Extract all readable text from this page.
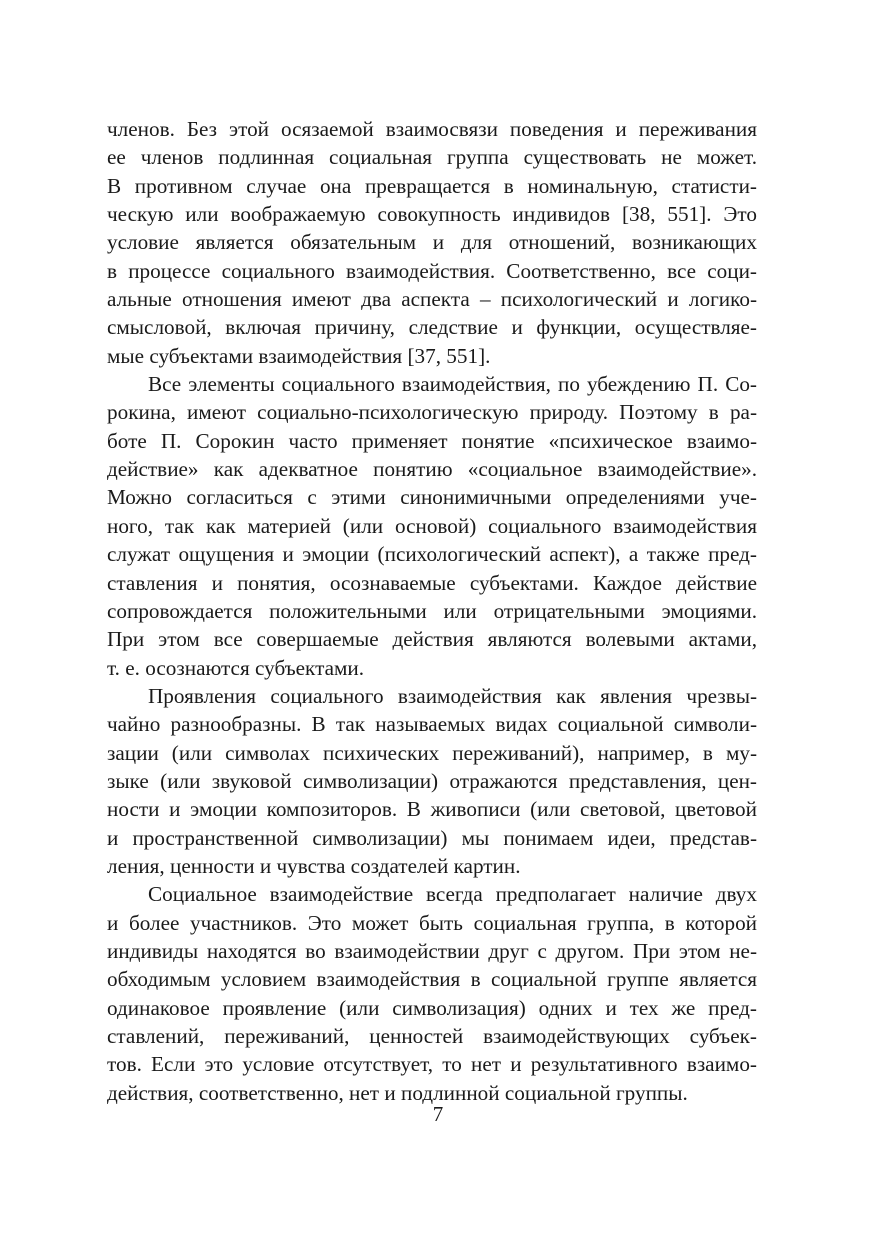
членов. Без этой осязаемой взаимосвязи поведения и переживания
ее членов подлинная социальная группа существовать не может.
В противном случае она превращается в номинальную, статисти-
ческую или воображаемую совокупность индивидов [38, 551]. Это
условие является обязательным и для отношений, возникающих
в процессе социального взаимодействия. Соответственно, все соци-
альные отношения имеют два аспекта – психологический и логико-
смысловой, включая причину, следствие и функции, осуществляе-
мые субъектами взаимодействия [37, 551].
Все элементы социального взаимодействия, по убеждению П. Со-
рокина, имеют социально-психологическую природу. Поэтому в ра-
боте П. Сорокин часто применяет понятие «психическое взаимо-
действие» как адекватное понятию «социальное взаимодействие».
Можно согласиться с этими синонимичными определениями уче-
ного, так как материей (или основой) социального взаимодействия
служат ощущения и эмоции (психологический аспект), а также пред-
ставления и понятия, осознаваемые субъектами. Каждое действие
сопровождается положительными или отрицательными эмоциями.
При этом все совершаемые действия являются волевыми актами,
т. е. осознаются субъектами.
Проявления социального взаимодействия как явления чрезвы-
чайно разнообразны. В так называемых видах социальной символи-
зации (или символах психических переживаний), например, в му-
зыке (или звуковой символизации) отражаются представления, цен-
ности и эмоции композиторов. В живописи (или световой, цветовой
и пространственной символизации) мы понимаем идеи, представ-
ления, ценности и чувства создателей картин.
Социальное взаимодействие всегда предполагает наличие двух
и более участников. Это может быть социальная группа, в которой
индивиды находятся во взаимодействии друг с другом. При этом не-
обходимым условием взаимодействия в социальной группе является
одинаковое проявление (или символизация) одних и тех же пред-
ставлений, переживаний, ценностей взаимодействующих субъек-
тов. Если это условие отсутствует, то нет и результативного взаимо-
действия, соответственно, нет и подлинной социальной группы.
7
